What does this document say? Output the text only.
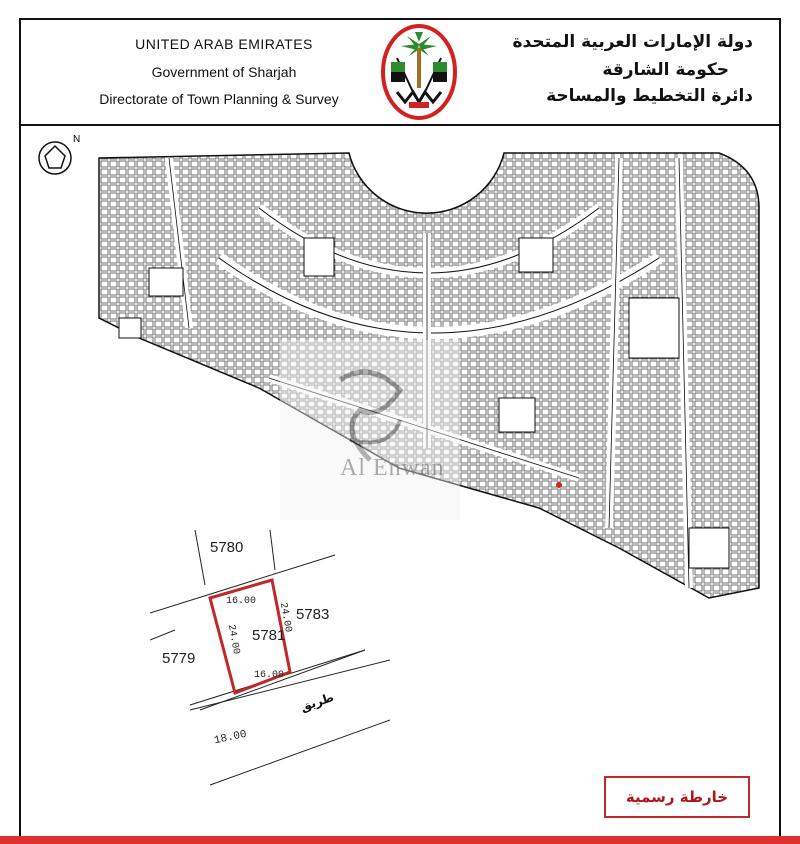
UNITED ARAB EMIRATES
Government of Sharjah
Directorate of Town Planning & Survey
دولة الإمارات العربية المتحدة
حكومة الشارقة
دائرة التخطيط والمساحة
N
Al Enwan
5780
5781
5783
5779
16.00
16.00
24.00
24.00
طريق
18.00
خارطة رسمية
